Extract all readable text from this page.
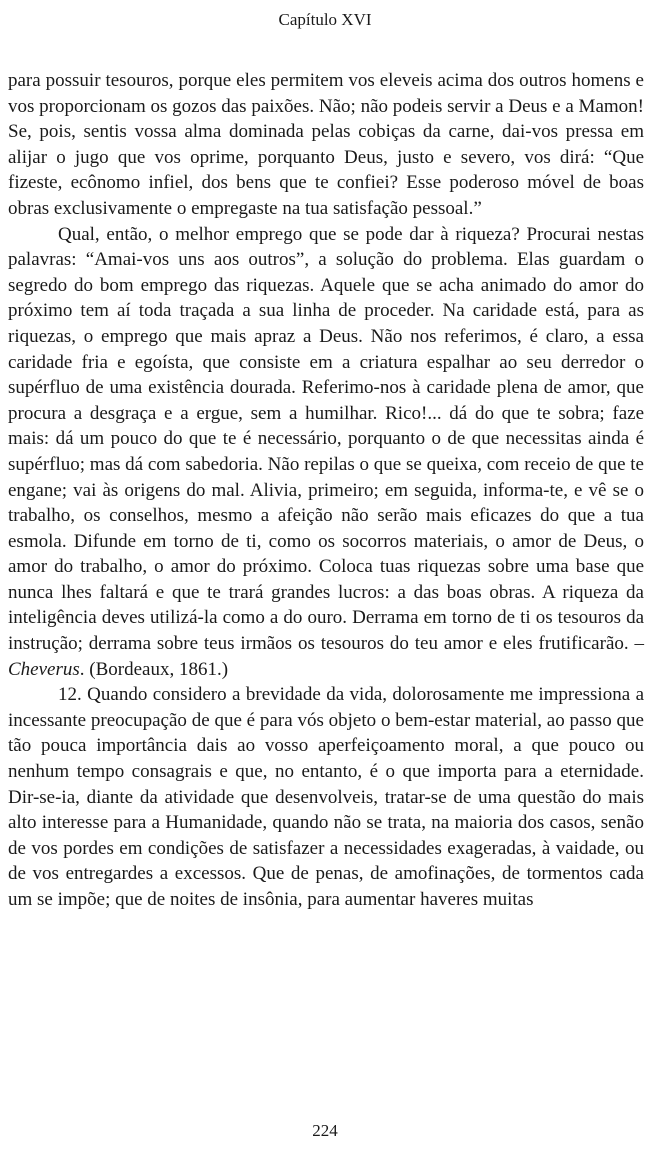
Capítulo XVI

para possuir tesouros, porque eles permitem vos eleveis acima dos outros homens e vos proporcionam os gozos das paixões. Não; não podeis servir a Deus e a Mamon! Se, pois, sentis vossa alma dominada pelas cobiças da carne, dai-vos pressa em alijar o jugo que vos oprime, porquanto Deus, justo e severo, vos dirá: “Que fizeste, ecônomo infiel, dos bens que te confiei? Esse poderoso móvel de boas obras exclusivamente o empregaste na tua satisfação pessoal.”

Qual, então, o melhor emprego que se pode dar à riqueza? Procurai nestas palavras: “Amai-vos uns aos outros”, a solução do problema. Elas guardam o segredo do bom emprego das riquezas. Aquele que se acha animado do amor do próximo tem aí toda traçada a sua linha de proceder. Na caridade está, para as riquezas, o emprego que mais apraz a Deus. Não nos referimos, é claro, a essa caridade fria e egoísta, que consiste em a criatura espalhar ao seu derredor o supérfluo de uma existência dourada. Referimo-nos à caridade plena de amor, que procura a desgraça e a ergue, sem a humilhar. Rico!... dá do que te sobra; faze mais: dá um pouco do que te é necessário, porquanto o de que necessitas ainda é supérfluo; mas dá com sabedoria. Não repilas o que se queixa, com receio de que te engane; vai às origens do mal. Alivia, primeiro; em seguida, informa-te, e vê se o trabalho, os conselhos, mesmo a afeição não serão mais eficazes do que a tua esmola. Difunde em torno de ti, como os socorros materiais, o amor de Deus, o amor do trabalho, o amor do próximo. Coloca tuas riquezas sobre uma base que nunca lhes faltará e que te trará grandes lucros: a das boas obras. A riqueza da inteligência deves utilizá-la como a do ouro. Derrama em torno de ti os tesouros da instrução; derrama sobre teus irmãos os tesouros do teu amor e eles frutificarão. – Cheverus. (Bordeaux, 1861.)

12. Quando considero a brevidade da vida, dolorosamente me impressiona a incessante preocupação de que é para vós objeto o bem-estar material, ao passo que tão pouca importância dais ao vosso aperfeiçoamento moral, a que pouco ou nenhum tempo consagrais e que, no entanto, é o que importa para a eternidade. Dir-se-ia, diante da atividade que desenvolveis, tratar-se de uma questão do mais alto interesse para a Humanidade, quando não se trata, na maioria dos casos, senão de vos pordes em condições de satisfazer a necessidades exageradas, à vaidade, ou de vos entregardes a excessos. Que de penas, de amofinações, de tormentos cada um se impõe; que de noites de insônia, para aumentar haveres muitas

224
